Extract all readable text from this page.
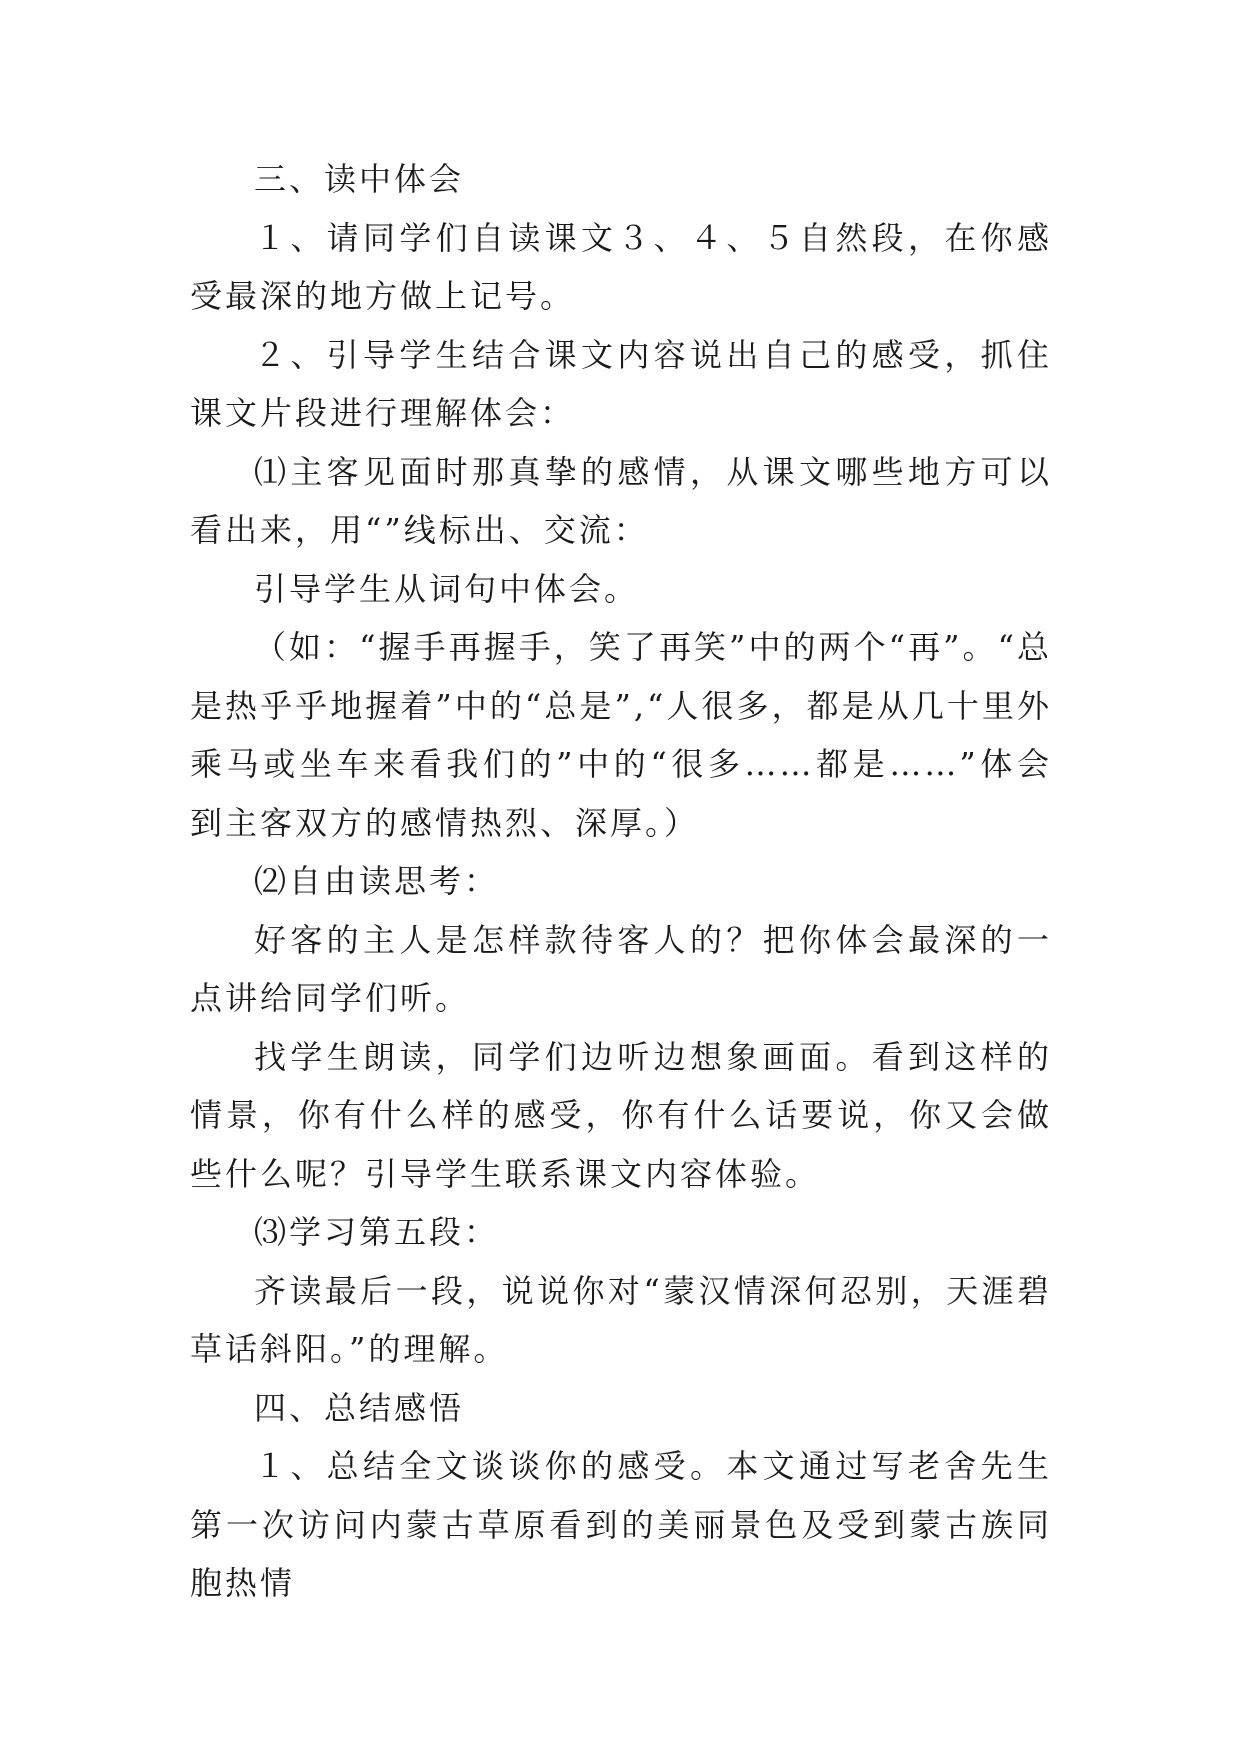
三、读中体会

１、请同学们自读课文３、４、５自然段，在你感受最深的地方做上记号。

２、引导学生结合课文内容说出自己的感受，抓住课文片段进行理解体会：

⑴主客见面时那真挚的感情，从课文哪些地方可以看出来，用“”线标出、交流：

引导学生从词句中体会。

（如：“握手再握手，笑了再笑”中的两个“再”。“总是热乎乎地握着”中的“总是”,“人很多，都是从几十里外乘马或坐车来看我们的”中的“很多……都是……”体会到主客双方的感情热烈、深厚。）

⑵自由读思考：

好客的主人是怎样款待客人的？把你体会最深的一点讲给同学们听。

找学生朗读，同学们边听边想象画面。看到这样的情景，你有什么样的感受，你有什么话要说，你又会做些什么呢？引导学生联系课文内容体验。

⑶学习第五段：

齐读最后一段，说说你对“蒙汉情深何忍别，天涯碧草话斜阳。”的理解。

四、总结感悟

１、总结全文谈谈你的感受。本文通过写老舍先生第一次访问内蒙古草原看到的美丽景色及受到蒙古族同胞热情
